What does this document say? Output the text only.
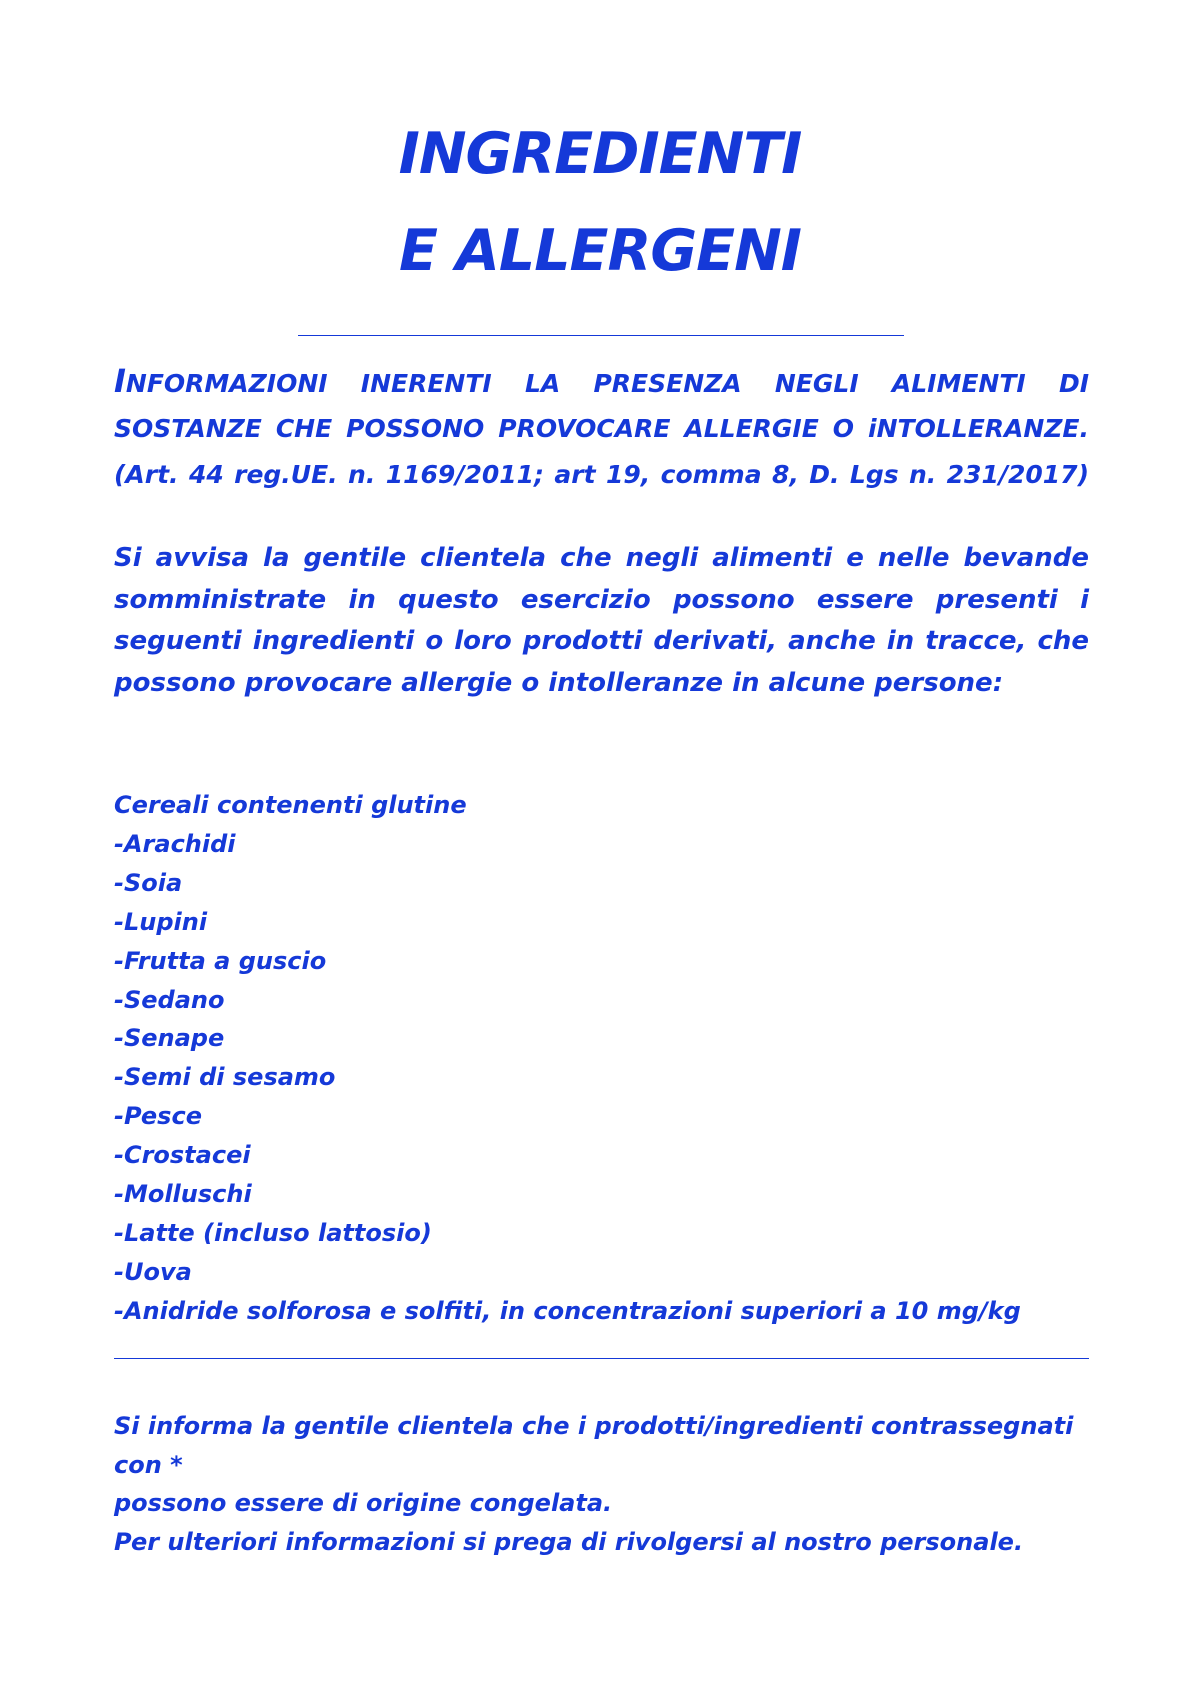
INGREDIENTI
E ALLERGENI

INFORMAZIONI INERENTI LA PRESENZA NEGLI ALIMENTI DI

SOSTANZE CHE POSSONO PROVOCARE ALLERGIE O iNTOLLERANZE.

(Art. 44 reg.UE. n. 1169/2011; art 19, comma 8, D. Lgs n. 231/2017)

Si avvisa la gentile clientela che negli alimenti e nelle bevande somministrate in questo esercizio possono essere presenti i seguenti ingredienti o loro prodotti derivati, anche in tracce, che possono provocare allergie o intolleranze in alcune persone:

Cereali contenenti glutine
-Arachidi
-Soia
-Lupini
-Frutta a guscio
-Sedano
-Senape
-Semi di sesamo
-Pesce
-Crostacei
-Molluschi
-Latte (incluso lattosio)
-Uova
-Anidride solforosa e solfiti, in concentrazioni superiori a 10 mg/kg
Si informa la gentile clientela che i prodotti/ingredienti contrassegnati con *
possono essere di origine congelata.
Per ulteriori informazioni si prega di rivolgersi al nostro personale.
